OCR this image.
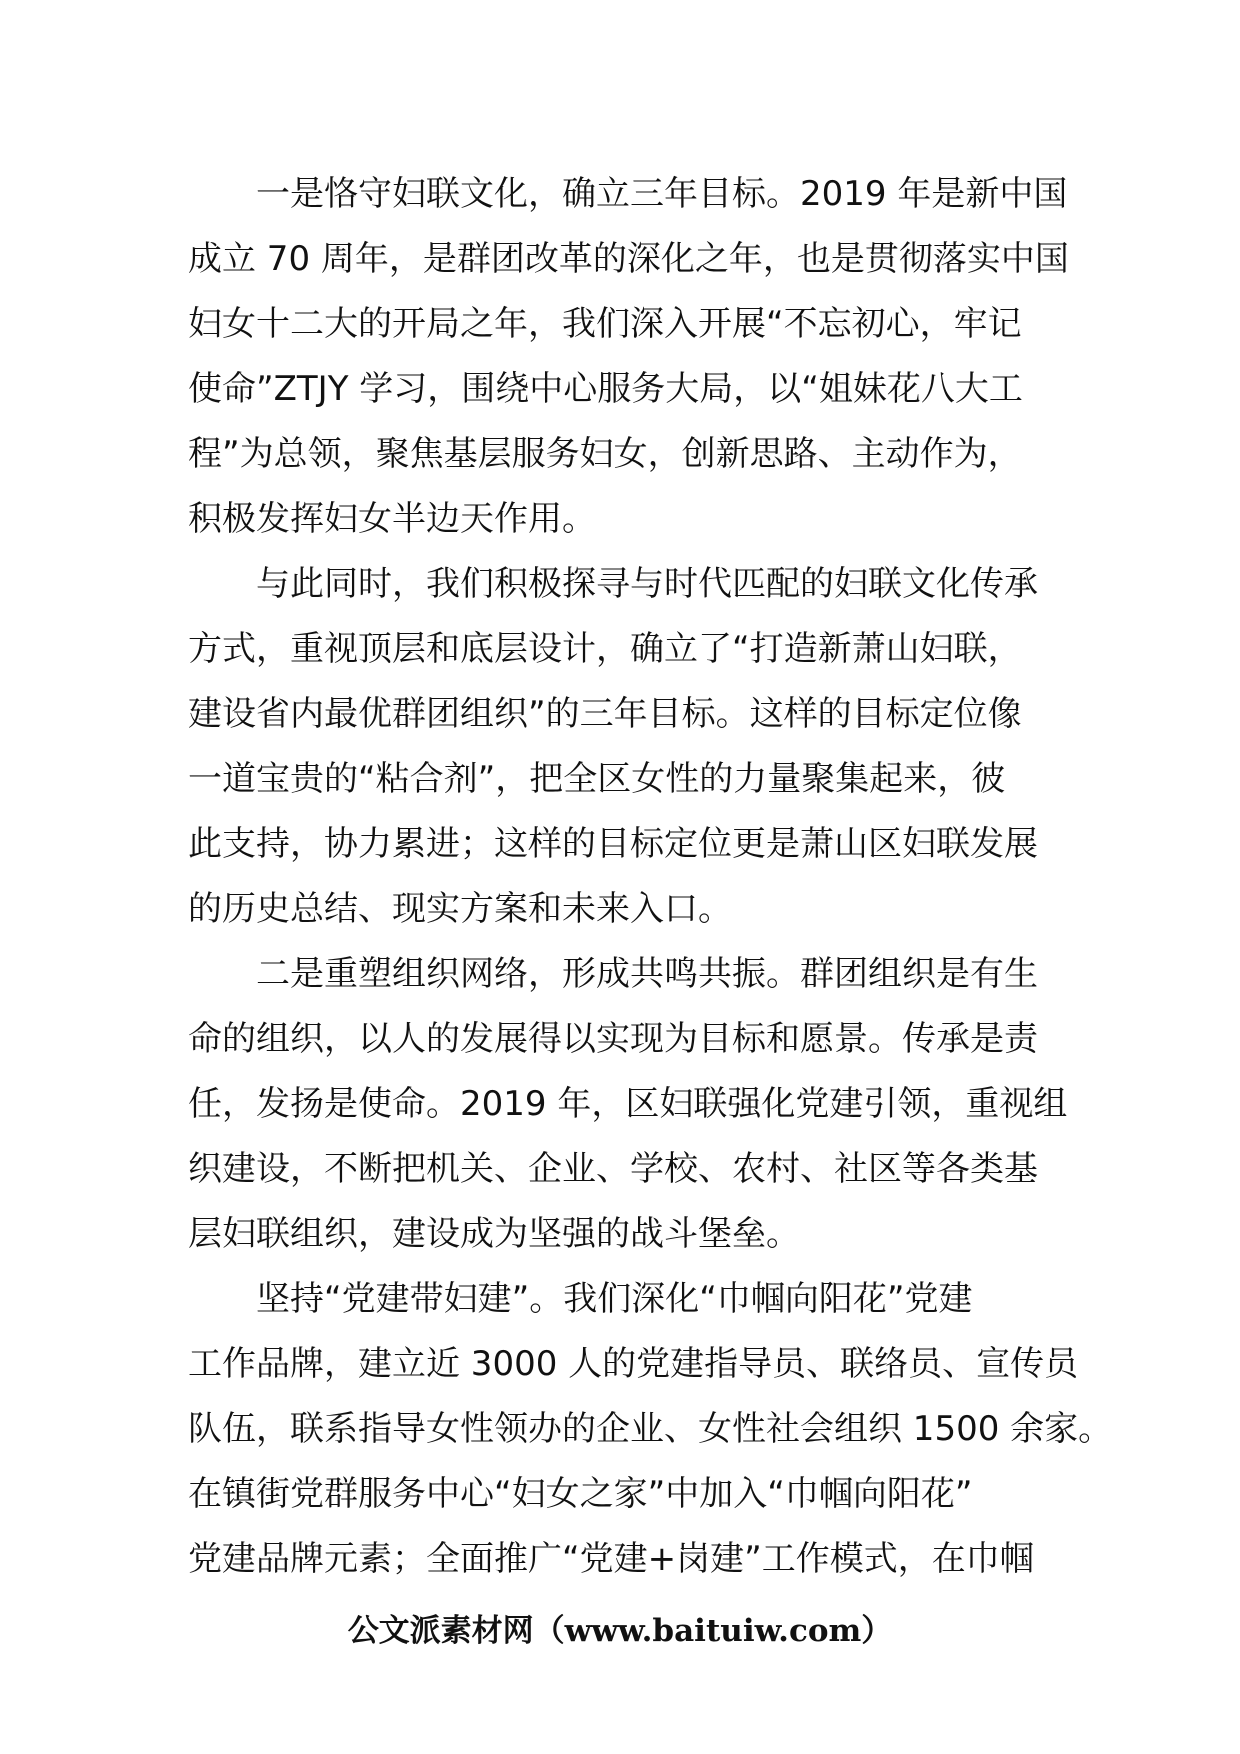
一是恪守妇联文化，确立三年目标。2019 年是新中国
成立 70 周年，是群团改革的深化之年，也是贯彻落实中国
妇女十二大的开局之年，我们深入开展“不忘初心，牢记
使命”ZTJY 学习，围绕中心服务大局，以“姐妹花八大工
程”为总领，聚焦基层服务妇女，创新思路、主动作为，
积极发挥妇女半边天作用。
与此同时，我们积极探寻与时代匹配的妇联文化传承
方式，重视顶层和底层设计，确立了“打造新萧山妇联，
建设省内最优群团组织”的三年目标。这样的目标定位像
一道宝贵的“粘合剂”，把全区女性的力量聚集起来，彼
此支持，协力累进；这样的目标定位更是萧山区妇联发展
的历史总结、现实方案和未来入口。
二是重塑组织网络，形成共鸣共振。群团组织是有生
命的组织，以人的发展得以实现为目标和愿景。传承是责
任，发扬是使命。2019 年，区妇联强化党建引领，重视组
织建设，不断把机关、企业、学校、农村、社区等各类基
层妇联组织，建设成为坚强的战斗堡垒。
坚持“党建带妇建”。我们深化“巾帼向阳花”党建
工作品牌，建立近 3000 人的党建指导员、联络员、宣传员
队伍，联系指导女性领办的企业、女性社会组织 1500 余家。
在镇街党群服务中心“妇女之家”中加入“巾帼向阳花”
党建品牌元素；全面推广“党建+岗建”工作模式，在巾帼
公文派素材网（www.baituiw.com）
